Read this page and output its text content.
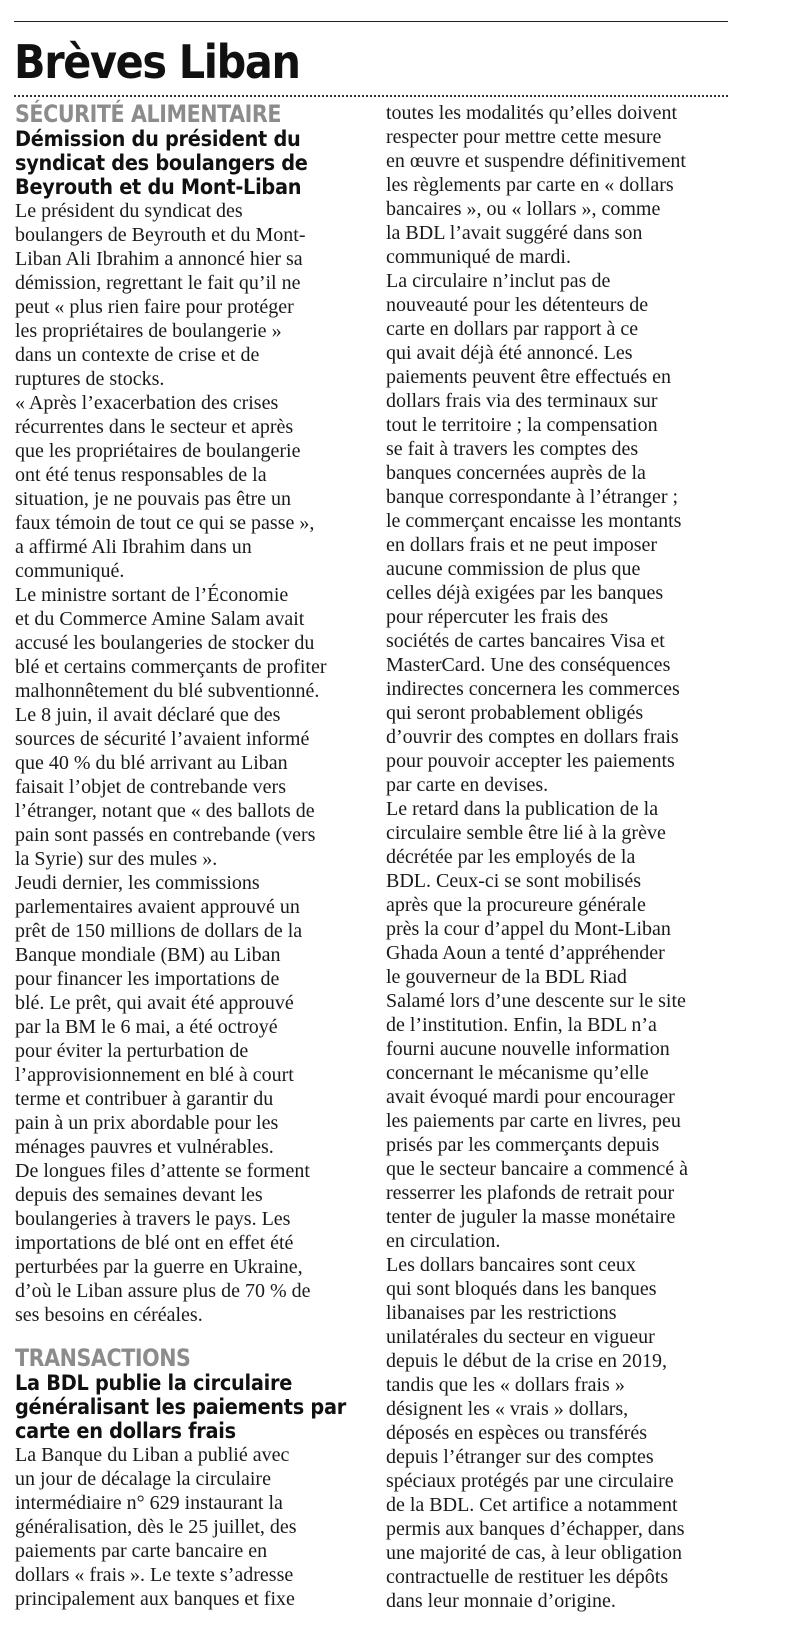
Brèves Liban
SÉCURITÉ ALIMENTAIRE
Démission du président du
syndicat des boulangers de
Beyrouth et du Mont-Liban
Le président du syndicat des
boulangers de Beyrouth et du Mont-
Liban Ali Ibrahim a annoncé hier sa
démission, regrettant le fait qu’il ne
peut « plus rien faire pour protéger
les propriétaires de boulangerie »
dans un contexte de crise et de
ruptures de stocks.
« Après l’exacerbation des crises
récurrentes dans le secteur et après
que les propriétaires de boulangerie
ont été tenus responsables de la
situation, je ne pouvais pas être un
faux témoin de tout ce qui se passe »,
a affirmé Ali Ibrahim dans un
communiqué.
Le ministre sortant de l’Économie
et du Commerce Amine Salam avait
accusé les boulangeries de stocker du
blé et certains commerçants de profiter
malhonnêtement du blé subventionné.
Le 8 juin, il avait déclaré que des
sources de sécurité l’avaient informé
que 40 % du blé arrivant au Liban
faisait l’objet de contrebande vers
l’étranger, notant que « des ballots de
pain sont passés en contrebande (vers
la Syrie) sur des mules ».
Jeudi dernier, les commissions
parlementaires avaient approuvé un
prêt de 150 millions de dollars de la
Banque mondiale (BM) au Liban
pour financer les importations de
blé. Le prêt, qui avait été approuvé
par la BM le 6 mai, a été octroyé
pour éviter la perturbation de
l’approvisionnement en blé à court
terme et contribuer à garantir du
pain à un prix abordable pour les
ménages pauvres et vulnérables.
De longues files d’attente se forment
depuis des semaines devant les
boulangeries à travers le pays. Les
importations de blé ont en effet été
perturbées par la guerre en Ukraine,
d’où le Liban assure plus de 70 % de
ses besoins en céréales.
TRANSACTIONS
La BDL publie la circulaire
généralisant les paiements par
carte en dollars frais
La Banque du Liban a publié avec
un jour de décalage la circulaire
intermédiaire n° 629 instaurant la
généralisation, dès le 25 juillet, des
paiements par carte bancaire en
dollars « frais ». Le texte s’adresse
principalement aux banques et fixe
toutes les modalités qu’elles doivent
respecter pour mettre cette mesure
en œuvre et suspendre définitivement
les règlements par carte en « dollars
bancaires », ou « lollars », comme
la BDL l’avait suggéré dans son
communiqué de mardi.
La circulaire n’inclut pas de
nouveauté pour les détenteurs de
carte en dollars par rapport à ce
qui avait déjà été annoncé. Les
paiements peuvent être effectués en
dollars frais via des terminaux sur
tout le territoire ; la compensation
se fait à travers les comptes des
banques concernées auprès de la
banque correspondante à l’étranger ;
le commerçant encaisse les montants
en dollars frais et ne peut imposer
aucune commission de plus que
celles déjà exigées par les banques
pour répercuter les frais des
sociétés de cartes bancaires Visa et
MasterCard. Une des conséquences
indirectes concernera les commerces
qui seront probablement obligés
d’ouvrir des comptes en dollars frais
pour pouvoir accepter les paiements
par carte en devises.
Le retard dans la publication de la
circulaire semble être lié à la grève
décrétée par les employés de la
BDL. Ceux-ci se sont mobilisés
après que la procureure générale
près la cour d’appel du Mont-Liban
Ghada Aoun a tenté d’appréhender
le gouverneur de la BDL Riad
Salamé lors d’une descente sur le site
de l’institution. Enfin, la BDL n’a
fourni aucune nouvelle information
concernant le mécanisme qu’elle
avait évoqué mardi pour encourager
les paiements par carte en livres, peu
prisés par les commerçants depuis
que le secteur bancaire a commencé à
resserrer les plafonds de retrait pour
tenter de juguler la masse monétaire
en circulation.
Les dollars bancaires sont ceux
qui sont bloqués dans les banques
libanaises par les restrictions
unilatérales du secteur en vigueur
depuis le début de la crise en 2019,
tandis que les « dollars frais »
désignent les « vrais » dollars,
déposés en espèces ou transférés
depuis l’étranger sur des comptes
spéciaux protégés par une circulaire
de la BDL. Cet artifice a notamment
permis aux banques d’échapper, dans
une majorité de cas, à leur obligation
contractuelle de restituer les dépôts
dans leur monnaie d’origine.
